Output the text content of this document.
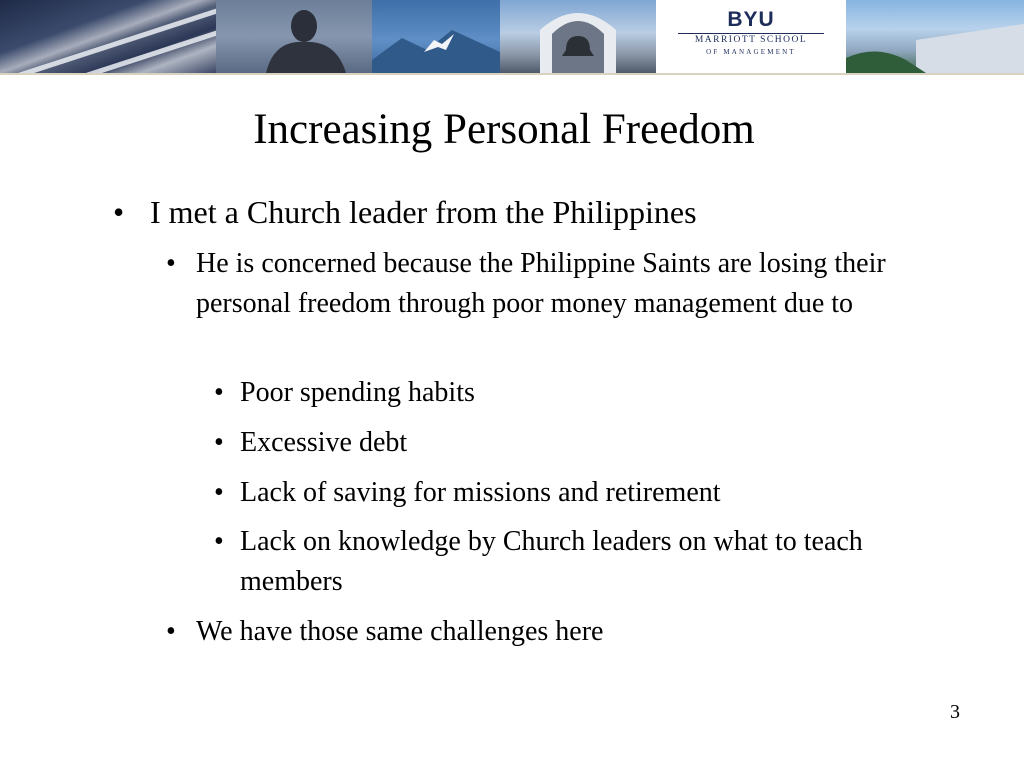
BYU
MARRIOTT SCHOOL
OF MANAGEMENT
Increasing Personal Freedom
• I met a Church leader from the Philippines
• He is concerned because the Philippine Saints are losing their personal freedom through poor money management due to
• Poor spending habits
• Excessive debt
• Lack of saving for missions and retirement
• Lack on knowledge by Church leaders on what to teach members
• We have those same challenges here
3
